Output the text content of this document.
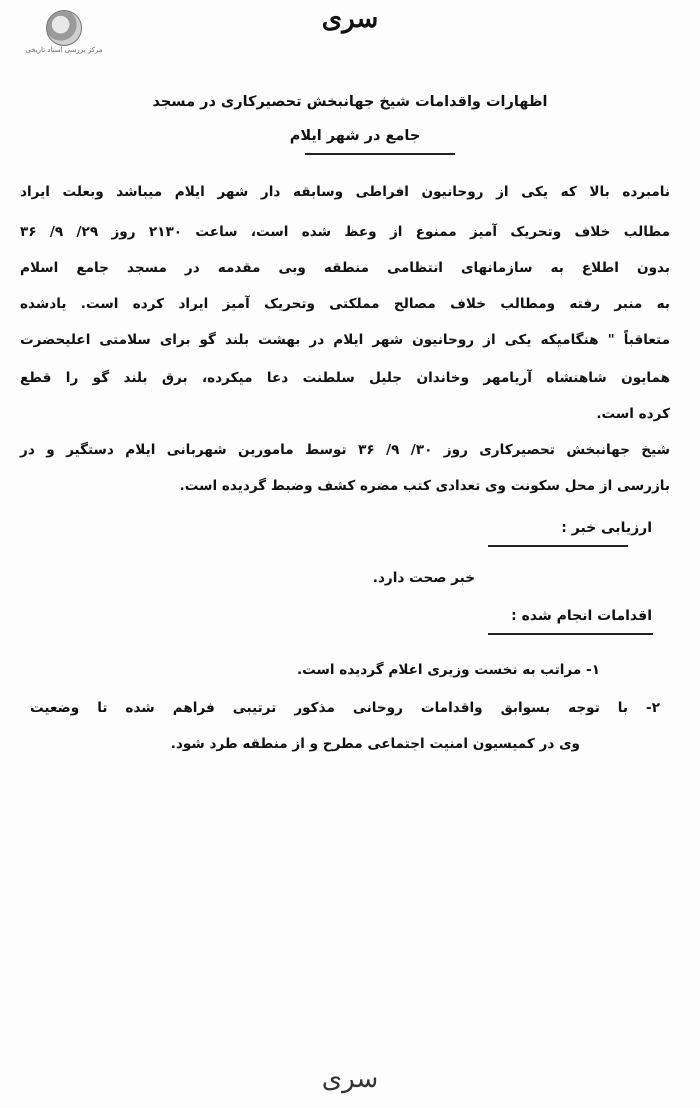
مرکز بررسی اسناد تاریخی
سری
اظهارات واقدامات شیخ جهانبخش تحصیرکاری در مسجد
جامع در شهر ایلام
نامبرده بالا که یکی از روحانیون افراطی وسابقه دار شهر ایلام میباشد وبعلت ایراد
مطالب خلاف وتحریک آمیز ممنوع از وعظ شده است، ساعت ۲۱۳۰ روز ۲۹/ ۹/ ۳۶
بدون اطلاع به سازمانهای انتظامی منطقه وبی مقدمه در مسجد جامع اسلام
به منبر رفته ومطالب خلاف مصالح مملکتی وتحریک آمیز ایراد کرده است. یادشده
متعاقباً " هنگامیکه یکی از روحانیون شهر ایلام در بهشت بلند گو برای سلامتی اعلیحضرت
همایون شاهنشاه آریامهر وخاندان جلیل سلطنت دعا میکرده، برق بلند گو را قطع
کرده است.
شیخ جهانبخش تحصیرکاری روز ۳۰/ ۹/ ۳۶ توسط مامورین شهربانی ایلام دستگیر و در
بازرسی از محل سکونت وی تعدادی کتب مضره کشف وضبط گردیده است.
ارزیابی خبر :
خبر صحت دارد.
اقدامات انجام شده :
۱- مراتب به نخست وزیری اعلام گردیده است.
۲- با توجه بسوابق واقدامات روحانی مذکور ترتیبی فراهم شده تا وضعیت
وی در کمیسیون امنیت اجتماعی مطرح و از منطقه طرد شود.
سری
